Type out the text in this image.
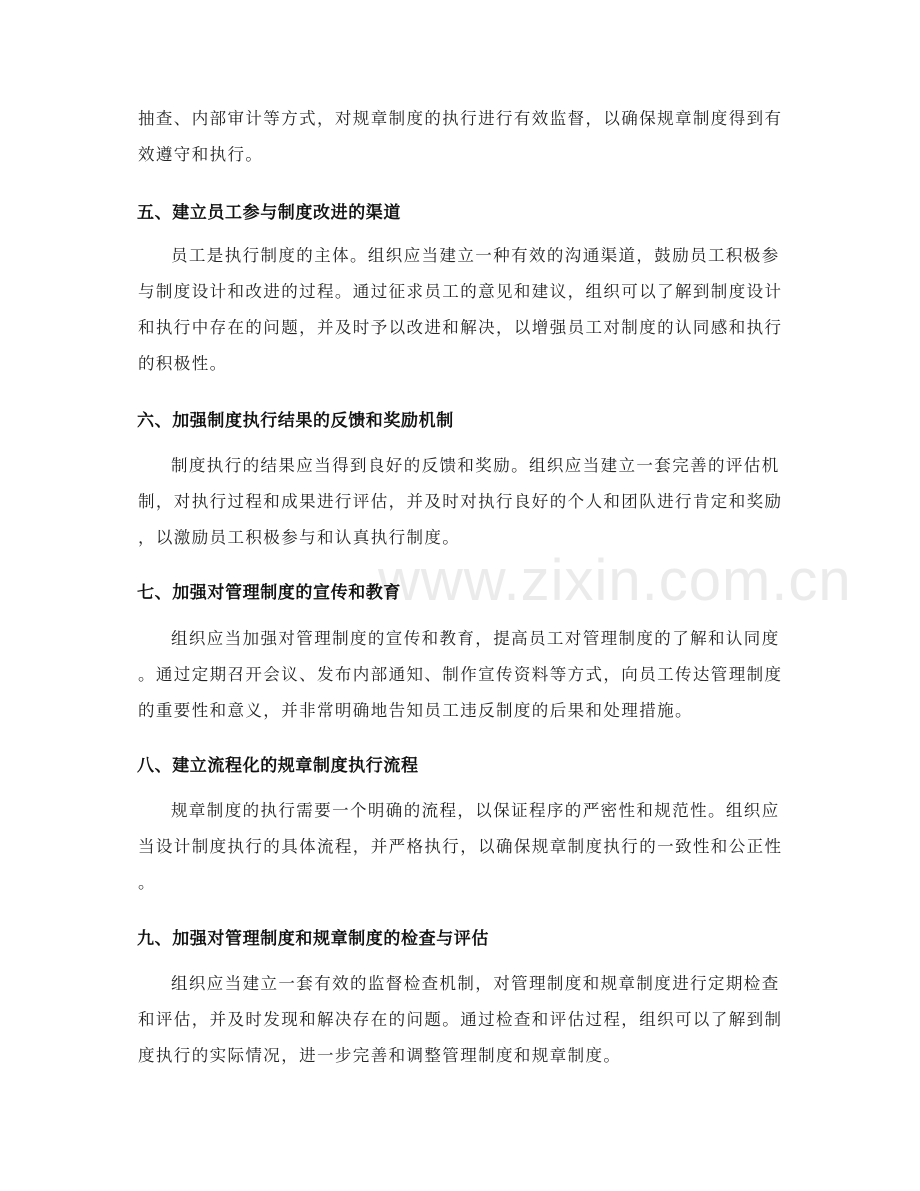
www.zixin.com.cn
抽查、内部审计等方式，对规章制度的执行进行有效监督，以确保规章制度得到有
效遵守和执行。
五、建立员工参与制度改进的渠道
员工是执行制度的主体。组织应当建立一种有效的沟通渠道，鼓励员工积极参
与制度设计和改进的过程。通过征求员工的意见和建议，组织可以了解到制度设计
和执行中存在的问题，并及时予以改进和解决，以增强员工对制度的认同感和执行
的积极性。
六、加强制度执行结果的反馈和奖励机制
制度执行的结果应当得到良好的反馈和奖励。组织应当建立一套完善的评估机
制，对执行过程和成果进行评估，并及时对执行良好的个人和团队进行肯定和奖励
，以激励员工积极参与和认真执行制度。
七、加强对管理制度的宣传和教育
组织应当加强对管理制度的宣传和教育，提高员工对管理制度的了解和认同度
。通过定期召开会议、发布内部通知、制作宣传资料等方式，向员工传达管理制度
的重要性和意义，并非常明确地告知员工违反制度的后果和处理措施。
八、建立流程化的规章制度执行流程
规章制度的执行需要一个明确的流程，以保证程序的严密性和规范性。组织应
当设计制度执行的具体流程，并严格执行，以确保规章制度执行的一致性和公正性
。
九、加强对管理制度和规章制度的检查与评估
组织应当建立一套有效的监督检查机制，对管理制度和规章制度进行定期检查
和评估，并及时发现和解决存在的问题。通过检查和评估过程，组织可以了解到制
度执行的实际情况，进一步完善和调整管理制度和规章制度。
